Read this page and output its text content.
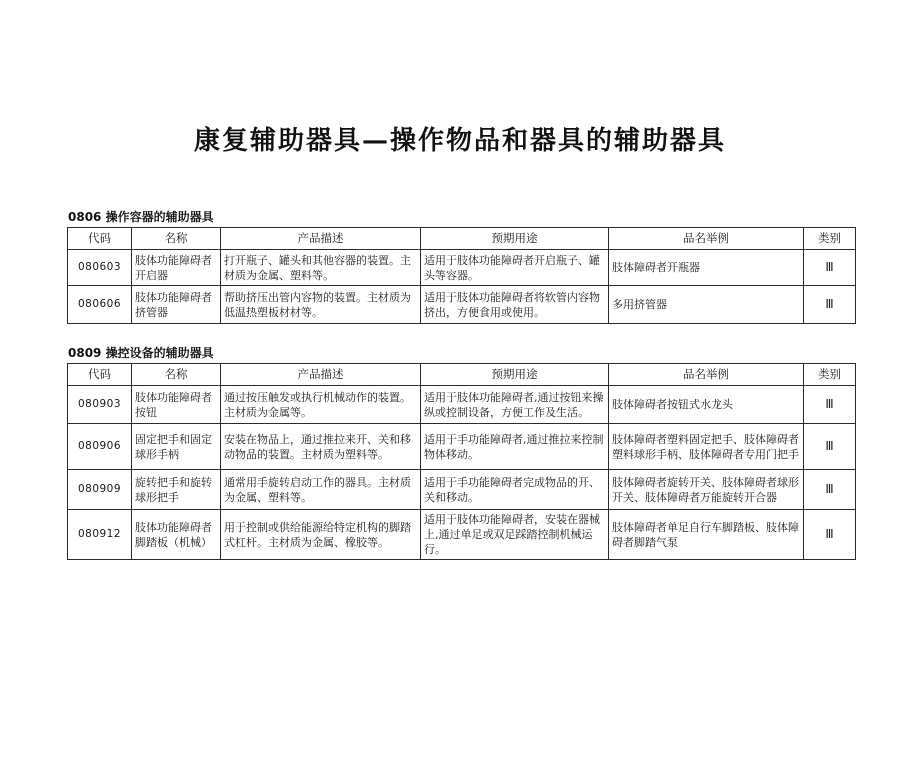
康复辅助器具—操作物品和器具的辅助器具
0806 操作容器的辅助器具
代码	名称	产品描述	预期用途	品名举例	类别
080603	肢体功能障碍者开启器	打开瓶子、罐头和其他容器的装置。主材质为金属、塑料等。	适用于肢体功能障碍者开启瓶子、罐头等容器。	肢体障碍者开瓶器	Ⅲ
080606	肢体功能障碍者挤管器	帮助挤压出管内容物的装置。主材质为低温热塑板材材等。	适用于肢体功能障碍者将软管内容物挤出，方便食用或使用。	多用挤管器	Ⅲ
0809 操控设备的辅助器具
代码	名称	产品描述	预期用途	品名举例	类别
080903	肢体功能障碍者按钮	通过按压触发或执行机械动作的装置。主材质为金属等。	适用于肢体功能障碍者,通过按钮来操纵或控制设备，方便工作及生活。	肢体障碍者按钮式水龙头	Ⅲ
080906	固定把手和固定球形手柄	安装在物品上，通过推拉来开、关和移动物品的装置。主材质为塑料等。	适用于手功能障碍者,通过推拉来控制物体移动。	肢体障碍者塑料固定把手、肢体障碍者塑料球形手柄、肢体障碍者专用门把手	Ⅲ
080909	旋转把手和旋转球形把手	通常用手旋转启动工作的器具。主材质为金属、塑料等。	适用于手功能障碍者完成物品的开、关和移动。	肢体障碍者旋转开关、肢体障碍者球形开关、肢体障碍者万能旋转开合器	Ⅲ
080912	肢体功能障碍者脚踏板（机械）	用于控制或供给能源给特定机构的脚踏式杠杆。主材质为金属、橡胶等。	适用于肢体功能障碍者，安装在器械上,通过单足或双足踩踏控制机械运行。	肢体障碍者单足自行车脚踏板、肢体障碍者脚踏气泵	Ⅲ
